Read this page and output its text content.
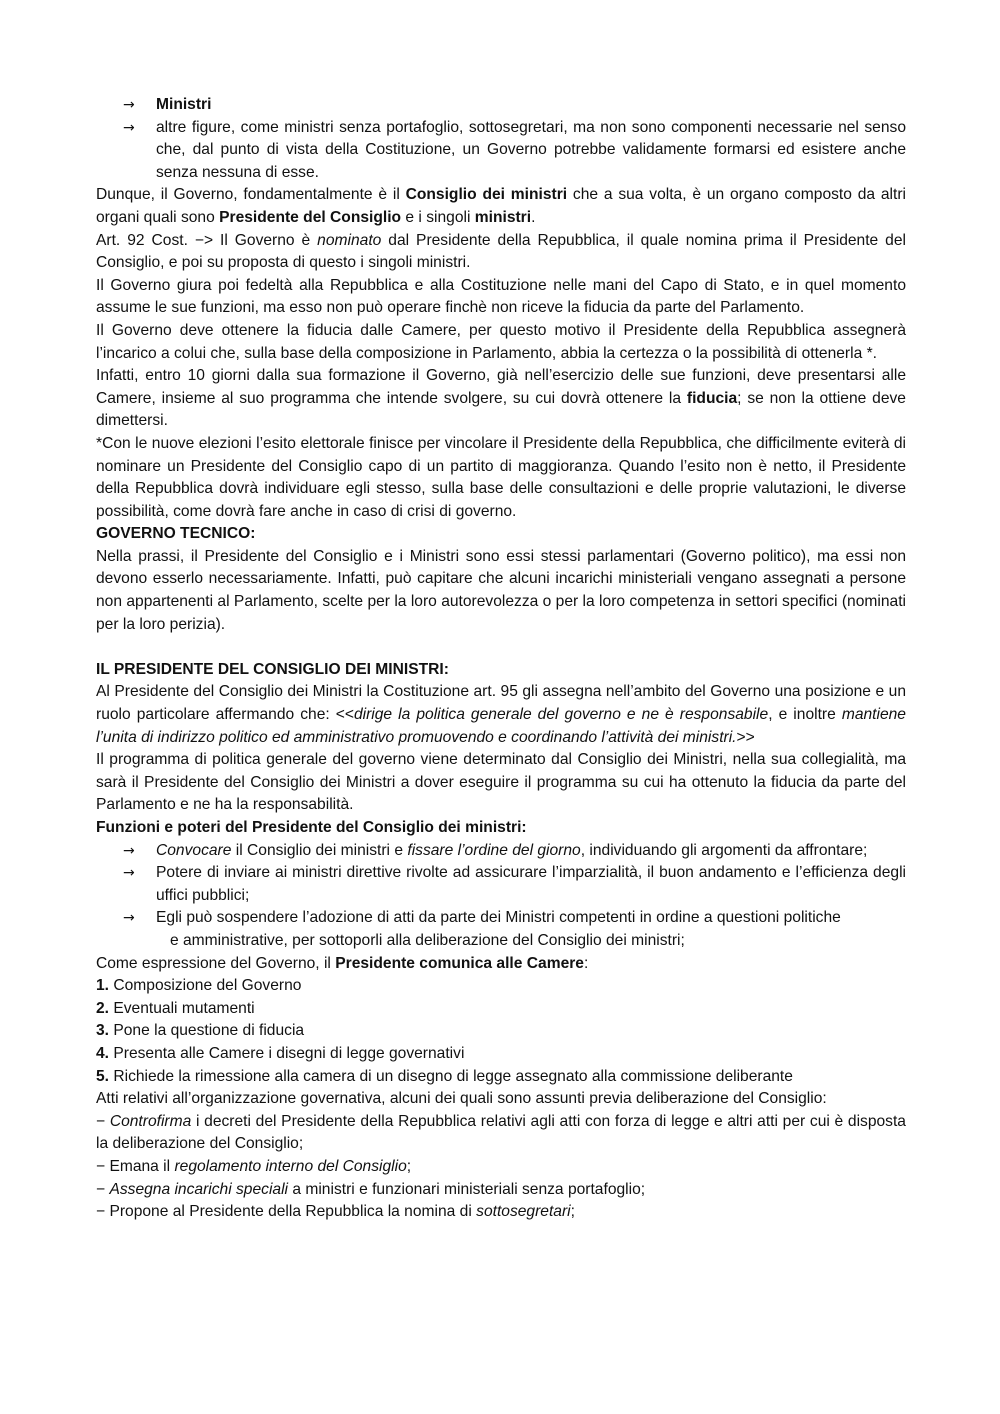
→ Ministri
→ altre figure, come ministri senza portafoglio, sottosegretari, ma non sono componenti necessarie nel senso che, dal punto di vista della Costituzione, un Governo potrebbe validamente formarsi ed esistere anche senza nessuna di esse.

Dunque, il Governo, fondamentalmente è il Consiglio dei ministri che a sua volta, è un organo composto da altri organi quali sono Presidente del Consiglio e i singoli ministri.

Art. 92 Cost. −> Il Governo è nominato dal Presidente della Repubblica, il quale nomina prima il Presidente del Consiglio, e poi su proposta di questo i singoli ministri.

Il Governo giura poi fedeltà alla Repubblica e alla Costituzione nelle mani del Capo di Stato, e in quel momento assume le sue funzioni, ma esso non può operare finchè non riceve la fiducia da parte del Parlamento.

Il Governo deve ottenere la fiducia dalle Camere, per questo motivo il Presidente della Repubblica assegnerà l’incarico a colui che, sulla base della composizione in Parlamento, abbia la certezza o la possibilità di ottenerla *.

Infatti, entro 10 giorni dalla sua formazione il Governo, già nell’esercizio delle sue funzioni, deve presentarsi alle Camere, insieme al suo programma che intende svolgere, su cui dovrà ottenere la fiducia; se non la ottiene deve dimettersi.

*Con le nuove elezioni l’esito elettorale finisce per vincolare il Presidente della Repubblica, che difficilmente eviterà di nominare un Presidente del Consiglio capo di un partito di maggioranza. Quando l’esito non è netto, il Presidente della Repubblica dovrà individuare egli stesso, sulla base delle consultazioni e delle proprie valutazioni, le diverse possibilità, come dovrà fare anche in caso di crisi di governo.

GOVERNO TECNICO:

Nella prassi, il Presidente del Consiglio e i Ministri sono essi stessi parlamentari (Governo politico), ma essi non devono esserlo necessariamente. Infatti, può capitare che alcuni incarichi ministeriali vengano assegnati a persone non appartenenti al Parlamento, scelte per la loro autorevolezza o per la loro competenza in settori specifici (nominati per la loro perizia).

IL PRESIDENTE DEL CONSIGLIO DEI MINISTRI:

Al Presidente del Consiglio dei Ministri la Costituzione art. 95 gli assegna nell’ambito del Governo una posizione e un ruolo particolare affermando che: <<dirige la politica generale del governo e ne è responsabile, e inoltre mantiene l’unita di indirizzo politico ed amministrativo promuovendo e coordinando l’attività dei ministri.>>

Il programma di politica generale del governo viene determinato dal Consiglio dei Ministri, nella sua collegialità, ma sarà il Presidente del Consiglio dei Ministri a dover eseguire il programma su cui ha ottenuto la fiducia da parte del Parlamento e ne ha la responsabilità.

Funzioni e poteri del Presidente del Consiglio dei ministri:

→ Convocare il Consiglio dei ministri e fissare l’ordine del giorno, individuando gli argomenti da affrontare;
→ Potere di inviare ai ministri direttive rivolte ad assicurare l’imparzialità, il buon andamento e l’efficienza degli uffici pubblici;
→ Egli può sospendere l’adozione di atti da parte dei Ministri competenti in ordine a questioni politiche
e amministrative, per sottoporli alla deliberazione del Consiglio dei ministri;

Come espressione del Governo, il Presidente comunica alle Camere:

1. Composizione del Governo

2. Eventuali mutamenti

3. Pone la questione di fiducia

4. Presenta alle Camere i disegni di legge governativi

5. Richiede la rimessione alla camera di un disegno di legge assegnato alla commissione deliberante

Atti relativi all’organizzazione governativa, alcuni dei quali sono assunti previa deliberazione del Consiglio:

− Controfirma i decreti del Presidente della Repubblica relativi agli atti con forza di legge e altri atti per cui è disposta la deliberazione del Consiglio;

− Emana il regolamento interno del Consiglio;

− Assegna incarichi speciali a ministri e funzionari ministeriali senza portafoglio;

− Propone al Presidente della Repubblica la nomina di sottosegretari;
